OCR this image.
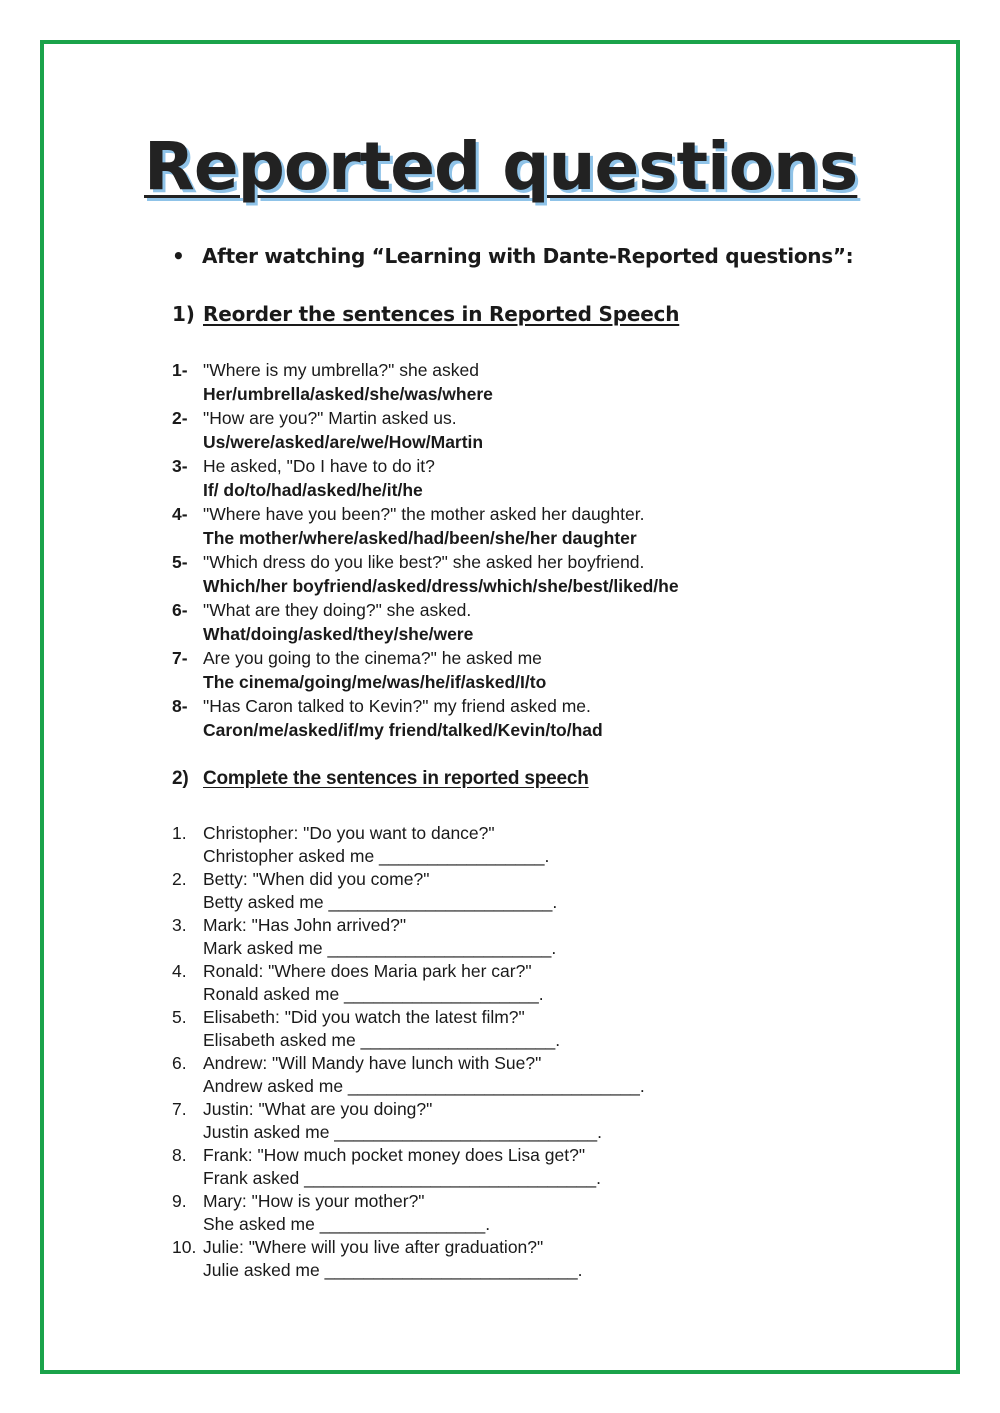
Reported questions
• After watching “Learning with Dante-Reported questions”:
1) Reorder the sentences in Reported Speech
1- "Where is my umbrella?" she asked
Her/umbrella/asked/she/was/where
2- "How are you?" Martin asked us.
Us/were/asked/are/we/How/Martin
3- He asked, "Do I have to do it?
If/ do/to/had/asked/he/it/he
4- "Where have you been?" the mother asked her daughter.
The mother/where/asked/had/been/she/her daughter
5- "Which dress do you like best?" she asked her boyfriend.
Which/her boyfriend/asked/dress/which/she/best/liked/he
6- "What are they doing?" she asked.
What/doing/asked/they/she/were
7- Are you going to the cinema?" he asked me
The cinema/going/me/was/he/if/asked/I/to
8- "Has Caron talked to Kevin?" my friend asked me.
Caron/me/asked/if/my friend/talked/Kevin/to/had
2) Complete the sentences in reported speech
1. Christopher: "Do you want to dance?"
Christopher asked me _________________.
2. Betty: "When did you come?"
Betty asked me _______________________.
3. Mark: "Has John arrived?"
Mark asked me _______________________.
4. Ronald: "Where does Maria park her car?"
Ronald asked me ____________________.
5. Elisabeth: "Did you watch the latest film?"
Elisabeth asked me ____________________.
6. Andrew: "Will Mandy have lunch with Sue?"
Andrew asked me ______________________________.
7. Justin: "What are you doing?"
Justin asked me ___________________________.
8. Frank: "How much pocket money does Lisa get?"
Frank asked ______________________________.
9. Mary: "How is your mother?"
She asked me _________________.
10. Julie: "Where will you live after graduation?"
Julie asked me __________________________.
